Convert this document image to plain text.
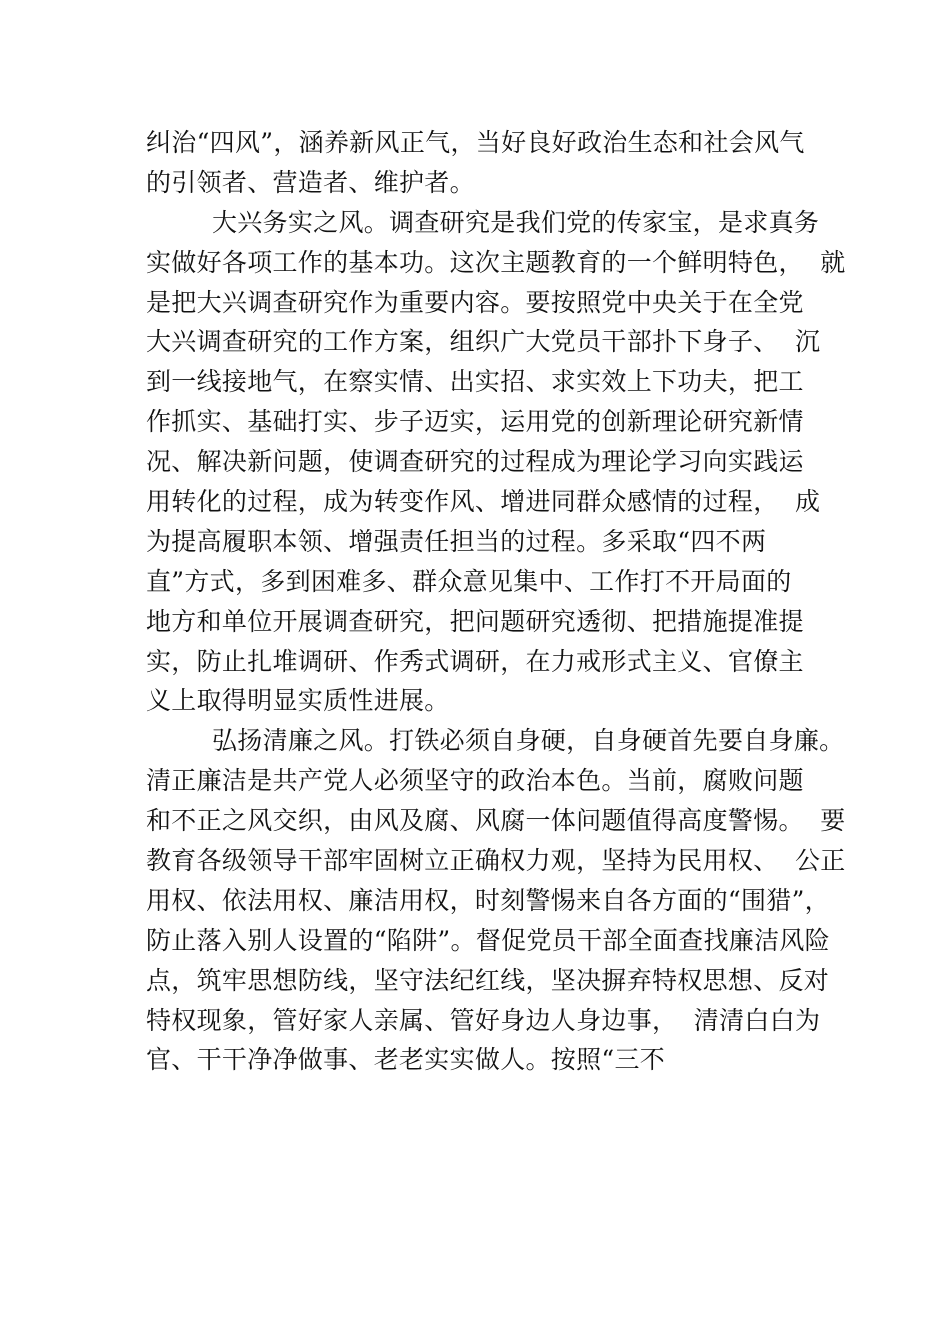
纠治“四风”，涵养新风正气，当好良好政治生态和社会风气
的引领者、营造者、维护者。
大兴务实之风。调查研究是我们党的传家宝，是求真务
实做好各项工作的基本功。这次主题教育的一个鲜明特色，  就
是把大兴调查研究作为重要内容。要按照党中央关于在全党
大兴调查研究的工作方案，组织广大党员干部扑下身子、  沉
到一线接地气，在察实情、出实招、求实效上下功夫，把工
作抓实、基础打实、步子迈实，运用党的创新理论研究新情
况、解决新问题，使调查研究的过程成为理论学习向实践运
用转化的过程，成为转变作风、增进同群众感情的过程，  成
为提高履职本领、增强责任担当的过程。多采取“四不两
直”方式，多到困难多、群众意见集中、工作打不开局面的
地方和单位开展调查研究，把问题研究透彻、把措施提准提
实，防止扎堆调研、作秀式调研，在力戒形式主义、官僚主
义上取得明显实质性进展。
弘扬清廉之风。打铁必须自身硬，自身硬首先要自身廉。
清正廉洁是共产党人必须坚守的政治本色。当前，腐败问题
和不正之风交织，由风及腐、风腐一体问题值得高度警惕。  要
教育各级领导干部牢固树立正确权力观，坚持为民用权、  公正
用权、依法用权、廉洁用权，时刻警惕来自各方面的“围猎”，
防止落入别人设置的“陷阱”。督促党员干部全面查找廉洁风险
点，筑牢思想防线，坚守法纪红线，坚决摒弃特权思想、反对
特权现象，管好家人亲属、管好身边人身边事，  清清白白为
官、干干净净做事、老老实实做人。按照“三不
